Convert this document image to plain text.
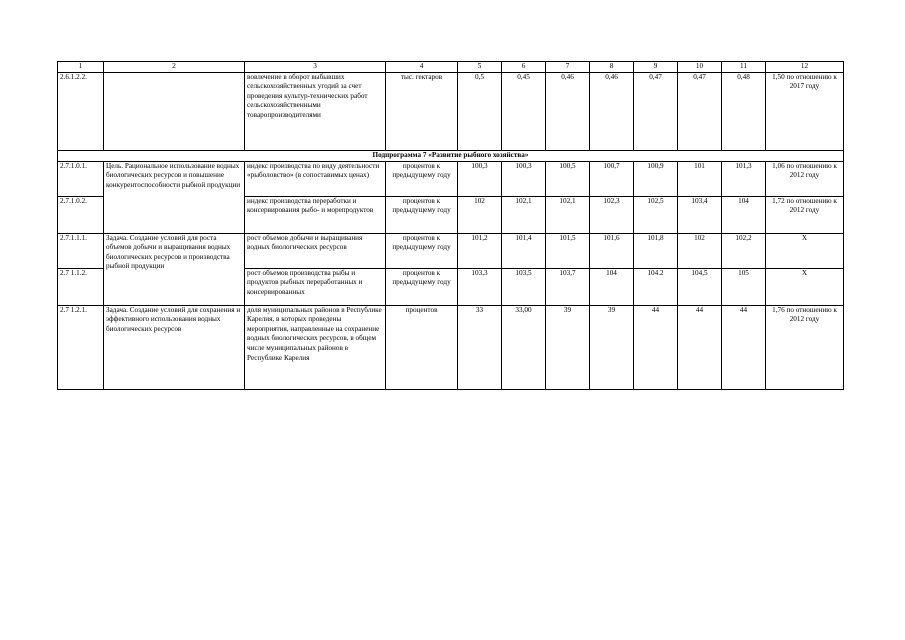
1	2	3	4	5	6	7	8	9	10	11	12
2.6.1.2.2.		вовлечение в оборот выбывших сельскохозяйственных угодий за счет проведения культур-технических работ сельскохозяйственными товаропроизводителями	тыс. гектаров	0,5	0,45	0,46	0,46	0,47	0,47	0,48	1,50 по отношению к 2017 году
Подпрограмма 7 «Развитие рыбного хозяйства»											
2.7.1.0.1.	Цель. Рациональное использование водных биологических ресурсов и повышение конкурентоспособности рыбной продукции	индекс производства по виду деятельности «рыболовство» (в сопоставимых ценах)	процентов к предыдущему году	100,3	100,3	100,5	100,7	100,9	101	101,3	1,06 по отношению к 2012 году
2.7.1.0.2.		индекс производства переработки и консервирования рыбо- и морепродуктов	процентов к предыдущему году	102	102,1	102,1	102,3	102,5	103,4	104	1,72 по отношению к 2012 году
2.7.1.1.1.	Задача. Создание условий для роста объемов добычи и выращивания водных биологических ресурсов и производства рыбной продукции	рост объемов добычи и выращивания водных биологических ресурсов	процентов к предыдущему году	101,2	101,4	101,5	101,6	101,8	102	102,2	X
2.7 1.1.2.		рост объемов производства рыбы и продуктов рыбных переработанных и консервированных	процентов к предыдущему году	103,3	103,5	103,7	104	104.2	104,5	105	X
2.7 1.2.1.	Задача. Создание условий для сохранения и эффективного использования водных биологических ресурсов	доля муниципальных районов в Республике Карелия, в которых проведены мероприятия, направленные на сохранение водных биологических ресурсов, в общем числе муниципальных районов в Республике Карелия	процентов	33	33,00	39	39	44	44	44	1,76 по отношению к 2012 году
